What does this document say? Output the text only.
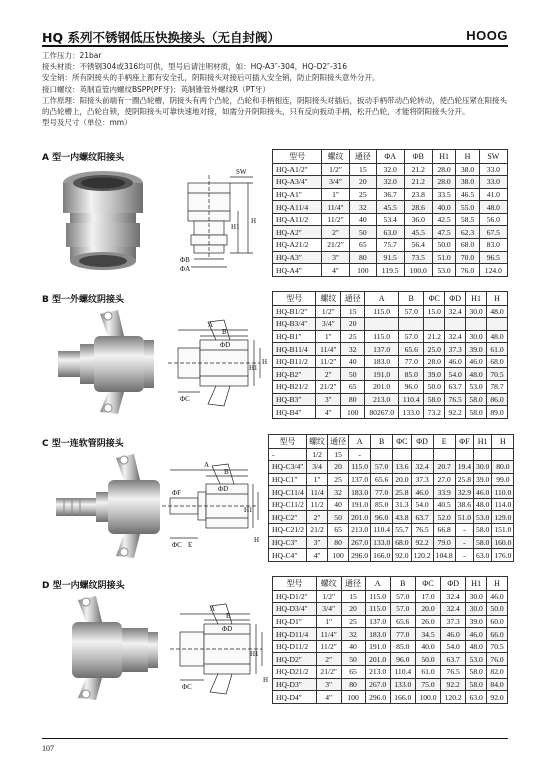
HQ 系列不锈钢低压快换接头（无自封阀）	HOOG

工作压力：21bar

接头材质：不锈钢304或316均可供，型号后请注明材质，如：HQ-A3″-304，HQ-D2″-316

安全销：所有阴接头的手柄座上都有安全孔，阴阳接头对接后可插入安全销，防止阴阳接头意外分开。

接口螺纹：英制直管内螺纹BSPP(PF牙)；英制锥管外螺纹R（PT牙）

工作原理：阳接头前端有一圈凸轮槽，阴接头有两个凸轮，凸轮和手柄相连，阴阳接头对插后，扳动手柄带动凸轮转动，使凸轮压紧在阳接头的凸轮槽上，凸轮自锁，使阴阳接头可靠快速地对接，如需分开阴阳接头，只有反向扳动手柄，松开凸轮，才能将阴阳接头分开。

型号及尺寸（单位：mm）

A 型一内螺纹阳接头
SW
H1
H
ΦB
ΦA
型号	螺纹	通径	ΦA	ΦB	H1	H	SW
HQ-A1/2″	1/2″	15	32.0	21.2	28.0	38.0	33.0
HQ-A3/4″	3/4″	20	32.0	21.2	28.0	38.0	33.0
HQ-A1″	1″	25	36.7	23.8	33.5	46.5	41.0
HQ-A11/4	11/4″	32	45.5	28.6	40.0	55.0	48.0
HQ-A11/2	11/2″	40	53.4	36.0	42.5	58.5	56.0
HQ-A2″	2″	50	63.0	45.5	47.5	62.3	67.5
HQ-A21/2	21/2″	65	75.7	56.4	50.0	68.0	83.0
HQ-A3″	3″	80	91.5	73.5	51.0	70.0	96.5
HQ-A4″	4″	100	119.5	100.0	53.0	76.0	124.0
B 型一外螺纹阴接头
A
B
ΦD
H
H1
ΦC
型号	螺纹	通径	A	B	ΦC	ΦD	H1	H
HQ-B1/2″	1/2″	15	115.0	57.0	15.0	32.4	30.0	48.0
HQ-B3/4″	3/4″	20						
HQ-B1″	1″	25	115.0	57.0	21.2	32.4	30.0	48.0
HQ-B11/4	11/4″	32	137.0	65.6	25.0	37.3	39.0	61.0
HQ-B11/2	11/2″	40	183.0	77.0	28.0	46.0	46.0	68.0
HQ-B2″	2″	50	191.0	85.0	39.0	54.0	48.0	70.5
HQ-B21/2	21/2″	65	201.0	96.0	50.0	63.7	53.0	78.7
HQ-B3″	3″	80	213.0	110.4	58.0	76.5	58.0	86.0
HQ-B4″	4″	100	80267.0	133.0	73.2	92.2	58.0	89.0
C 型一连软管阴接头
A
B
ΦD
ΦF
H
H1
ΦC E
型号	螺纹	通径	A	B	ΦC	ΦD	E	ΦF	H1	H
-	1/2	15	-							
HQ-C3/4″	3/4	20	115.0	57.0	13.6	32.4	20.7	19.4	30.0	80.0
HQ-C1″	1″	25	137.0	65.6	20.0	37.3	27.0	25.8	39.0	99.0
HQ-C11/4	11/4	32	183.0	77.0	25.8	46.0	33.9	32.9	46.0	110.0
HQ-C11/2	11/2	40	191.0	85.0	31.3	54.0	40.5	38.6	48.0	114.0
HQ-C2″	2″	50	201.0	96.0	43.8	63.7	52.0	51.0	53.0	129.0
HQ-C21/2	21/2	65	213.0	110.4	55.7	76.5	66.8	-	58.0	151.0
HQ-C3″	3″	80	267.0	133.0	68.0	92.2	79.0	-	58.0	160.0
HQ-C4″	4″	100	296.0	166.0	92.0	120.2	104.8	-	63.0	176.0
D 型一内螺纹阴接头
A
B
ΦD
H
H1
ΦC
型号	螺纹	通径	A	B	ΦC	ΦD	H1	H
HQ-D1/2″	1/2″	15	115.0	57.0	17.0	32.4	30.0	46.0
HQ-D3/4″	3/4″	20	115.0	57.0	20.0	32.4	30.0	50.0
HQ-D1″	1″	25	137.0	65.6	26.0	37.3	39.0	60.0
HQ-D11/4	11/4″	32	183.0	77.0	34.5	46.0	46.0	66.0
HQ-D11/2	11/2″	40	191.0	85.0	40.0	54.0	48.0	70.5
HQ-D2″	2″	50	201.0	96.0	50.0	63.7	53.0	76.0
HQ-D21/2	21/2″	65	213.0	110.4	61.0	76.5	58.0	82.0
HQ-D3″	3″	80	267.0	133.0	75.0	92.2	58.0	84.0
HQ-D4″	4″	100	296.0	166.0	100.0	120.2	63.0	92.0
107
